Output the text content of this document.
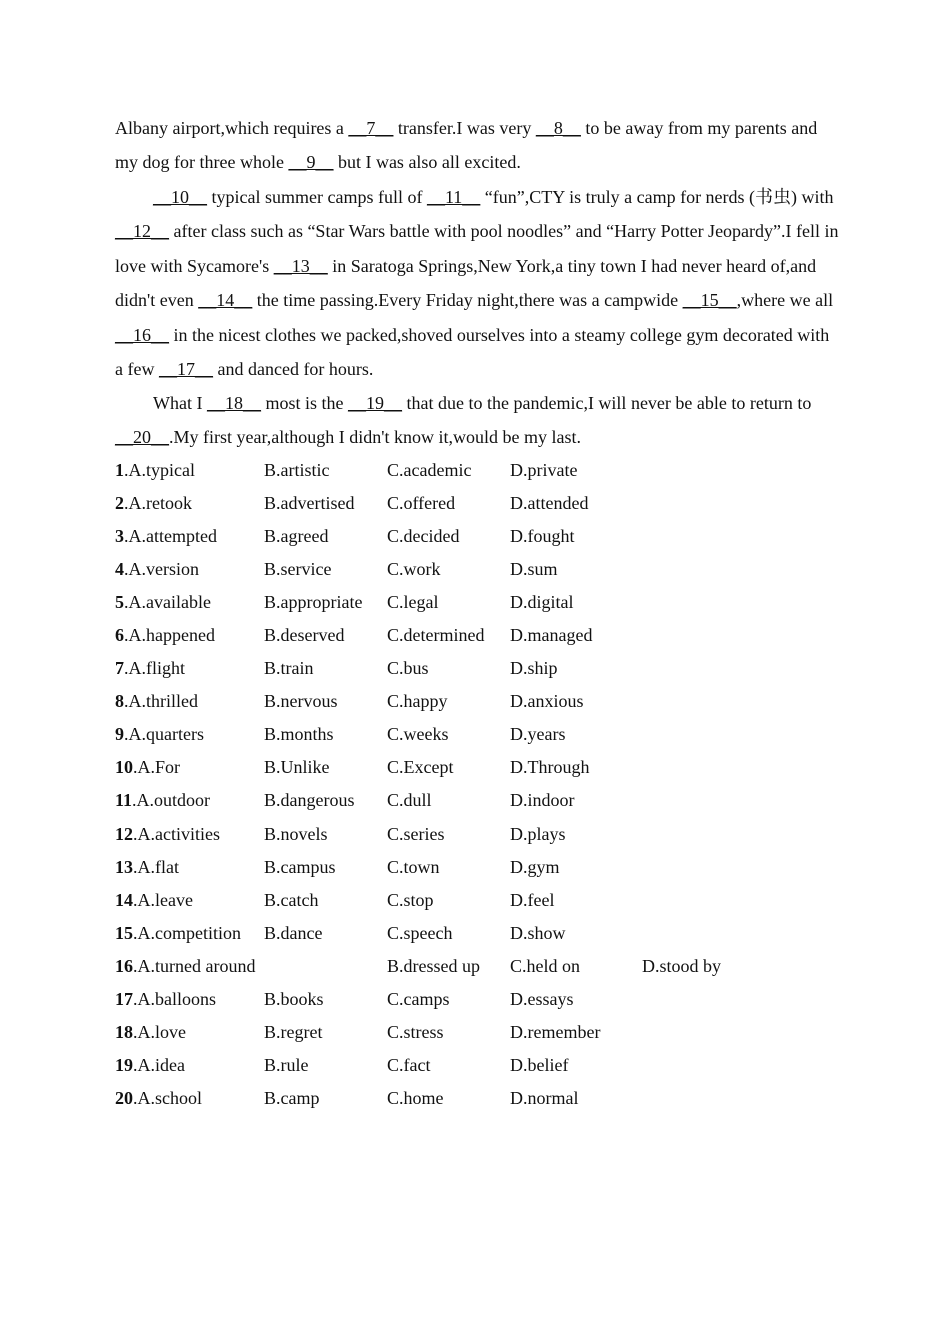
Albany airport,which requires a __7__ transfer.I was very __8__ to be away from my parents and my dog for three whole __9__ but I was also all excited.
__10__ typical summer camps full of __11__ “fun”,CTY is truly a camp for nerds (书虫) with __12__ after class such as “Star Wars battle with pool noodles” and “Harry Potter Jeopardy”.I fell in love with Sycamore's __13__ in Saratoga Springs,New York,a tiny town I had never heard of,and didn't even __14__ the time passing.Every Friday night,there was a campwide __15__,where we all __16__ in the nicest clothes we packed,shoved ourselves into a steamy college gym decorated with a few __17__ and danced for hours.
What I __18__ most is the __19__ that due to the pandemic,I will never be able to return to __20__.My first year,although I didn't know it,would be my last.
1.A.typical	B.artistic	C.academic D.private
2.A.retook	B.advertised C.offered	D.attended
3.A.attempted	B.agreed	C.decided	D.fought
4.A.version	B.service	C.work	D.sum
5.A.available	B.appropriate C.legal	D.digital
6.A.happened	B.deserved C.determined D.managed
7.A.flight	B.train	C.bus	D.ship
8.A.thrilled	B.nervous	C.happy	D.anxious
9.A.quarters	B.months	C.weeks	D.years
10.A.For	B.Unlike	C.Except	D.Through
11.A.outdoor	B.dangerous C.dull	D.indoor
12.A.activities B.novels	C.series	D.plays
13.A.flat	B.campus	C.town	D.gym
14.A.leave	B.catch	C.stop	D.feel
15.A.competition B.dance	C.speech	D.show
16.A.turned around	B.dressed up C.held on	D.stood by
17.A.balloons	B.books	C.camps	D.essays
18.A.love	B.regret	C.stress	D.remember
19.A.idea	B.rule	C.fact	D.belief
20.A.school	B.camp	C.home	D.normal
